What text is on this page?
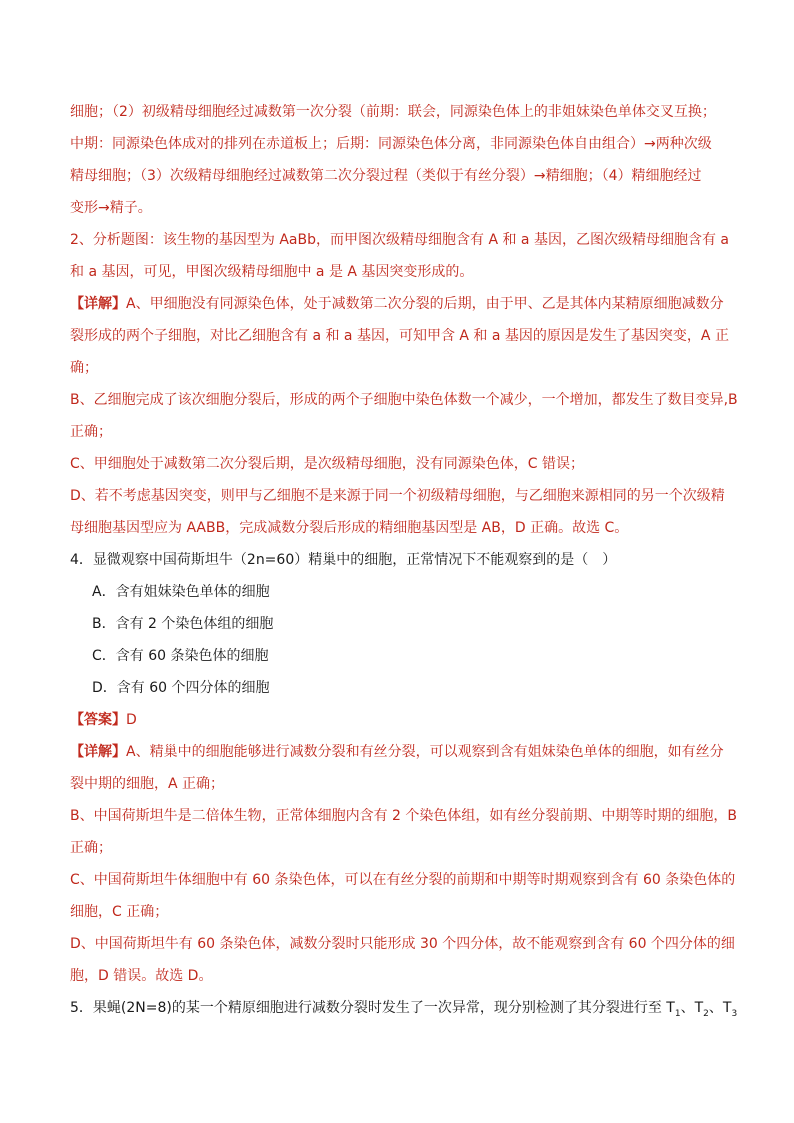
细胞；（2）初级精母细胞经过减数第一次分裂（前期：联会，同源染色体上的非姐妹染色单体交叉互换；
中期：同源染色体成对的排列在赤道板上；后期：同源染色体分离，非同源染色体自由组合）→两种次级
精母细胞；（3）次级精母细胞经过减数第二次分裂过程（类似于有丝分裂）→精细胞；（4）精细胞经过
变形→精子。
2、分析题图：该生物的基因型为 AaBb，而甲图次级精母细胞含有 A 和 a 基因，乙图次级精母细胞含有 a
和 a 基因，可见，甲图次级精母细胞中 a 是 A 基因突变形成的。
【详解】A、甲细胞没有同源染色体，处于减数第二次分裂的后期，由于甲、乙是其体内某精原细胞减数分
裂形成的两个子细胞，对比乙细胞含有 a 和 a 基因，可知甲含 A 和 a 基因的原因是发生了基因突变，A 正
确；
B、乙细胞完成了该次细胞分裂后，形成的两个子细胞中染色体数一个减少，一个增加，都发生了数目变异,B
正确；
C、甲细胞处于减数第二次分裂后期，是次级精母细胞，没有同源染色体，C 错误；
D、若不考虑基因突变，则甲与乙细胞不是来源于同一个初级精母细胞，与乙细胞来源相同的另一个次级精
母细胞基因型应为 AABB，完成减数分裂后形成的精细胞基因型是 AB，D 正确。故选 C。
4．显微观察中国荷斯坦牛（2n=60）精巢中的细胞，正常情况下不能观察到的是（　）
A．含有姐妹染色单体的细胞
B．含有 2 个染色体组的细胞
C．含有 60 条染色体的细胞
D．含有 60 个四分体的细胞
【答案】D
【详解】A、精巢中的细胞能够进行减数分裂和有丝分裂，可以观察到含有姐妹染色单体的细胞，如有丝分
裂中期的细胞，A 正确；
B、中国荷斯坦牛是二倍体生物，正常体细胞内含有 2 个染色体组，如有丝分裂前期、中期等时期的细胞，B
正确；
C、中国荷斯坦牛体细胞中有 60 条染色体，可以在有丝分裂的前期和中期等时期观察到含有 60 条染色体的
细胞，C 正确；
D、中国荷斯坦牛有 60 条染色体，减数分裂时只能形成 30 个四分体，故不能观察到含有 60 个四分体的细
胞，D 错误。故选 D。
5．果蝇(2N=8)的某一个精原细胞进行减数分裂时发生了一次异常，现分别检测了其分裂进行至 $T_1$、$T_2$、$T_3$
